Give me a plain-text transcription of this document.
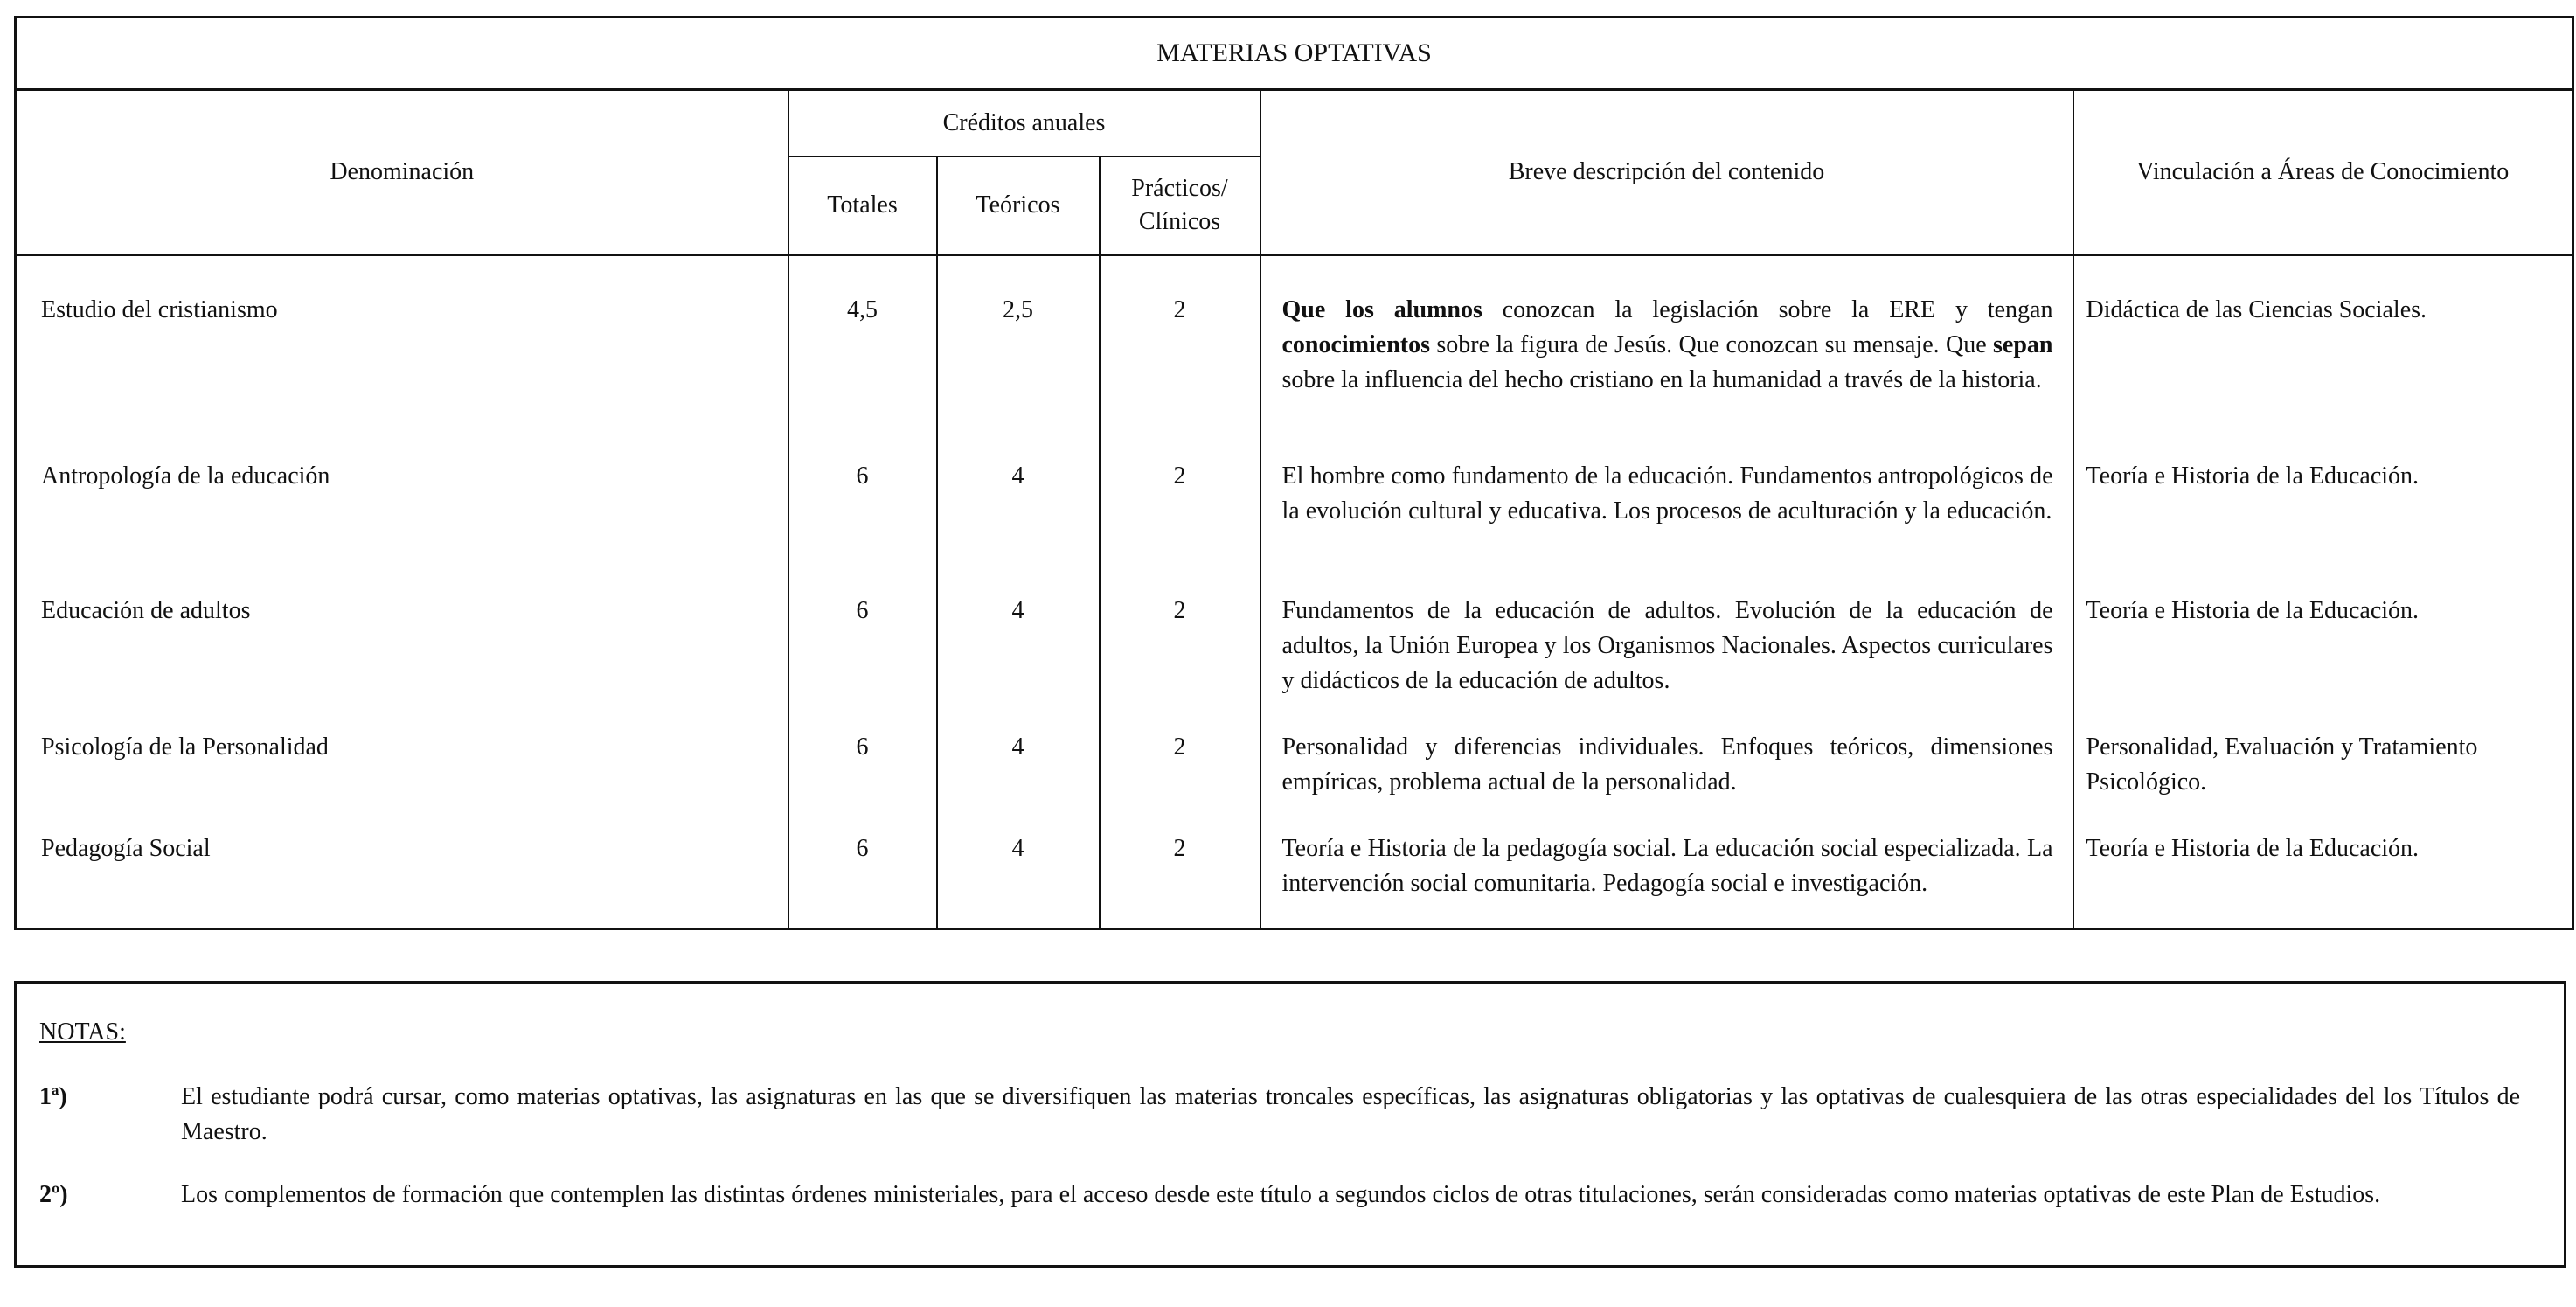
MATERIAS OPTATIVAS					
Denominación	Créditos anuales			Breve descripción del contenido	Vinculación a Áreas de Conocimiento
	Totales	Teóricos	Prácticos/
Clínicos		
Estudio del cristianismo	4,5	2,5	2	Que los alumnos conozcan la legislación sobre la ERE y tengan conocimientos sobre la figura de Jesús. Que conozcan su mensaje. Que sepan sobre la influencia del hecho cristiano en la humanidad a través de la historia.	Didáctica de las Ciencias Sociales.
Antropología de la educación	6	4	2	El hombre como fundamento de la educación. Fundamentos antropológicos de la evolución cultural y educativa. Los procesos de aculturación y la educación.	Teoría e Historia de la Educación.
Educación de adultos	6	4	2	Fundamentos de la educación de adultos. Evolución de la educación de adultos, la Unión Europea y los Organismos Nacionales. Aspectos curriculares y didácticos de la educación de adultos.	Teoría e Historia de la Educación.
Psicología de la Personalidad	6	4	2	Personalidad y diferencias individuales. Enfoques teóricos, dimensiones empíricas, problema actual de la personalidad.	Personalidad, Evaluación y Tratamiento Psicológico.
Pedagogía Social	6	4	2	Teoría e Historia de la pedagogía social. La educación social especializada. La intervención social comunitaria. Pedagogía social e investigación.	Teoría e Historia de la Educación.
NOTAS:
1ª)	El estudiante podrá cursar, como materias optativas, las asignaturas en las que se diversifiquen las materias troncales específicas, las asignaturas obligatorias y las optativas de cualesquiera de las otras especialidades del los Títulos de Maestro.
2º)	Los complementos de formación que contemplen las distintas órdenes ministeriales, para el acceso desde este título a segundos ciclos de otras titulaciones, serán consideradas como materias optativas de este Plan de Estudios.
